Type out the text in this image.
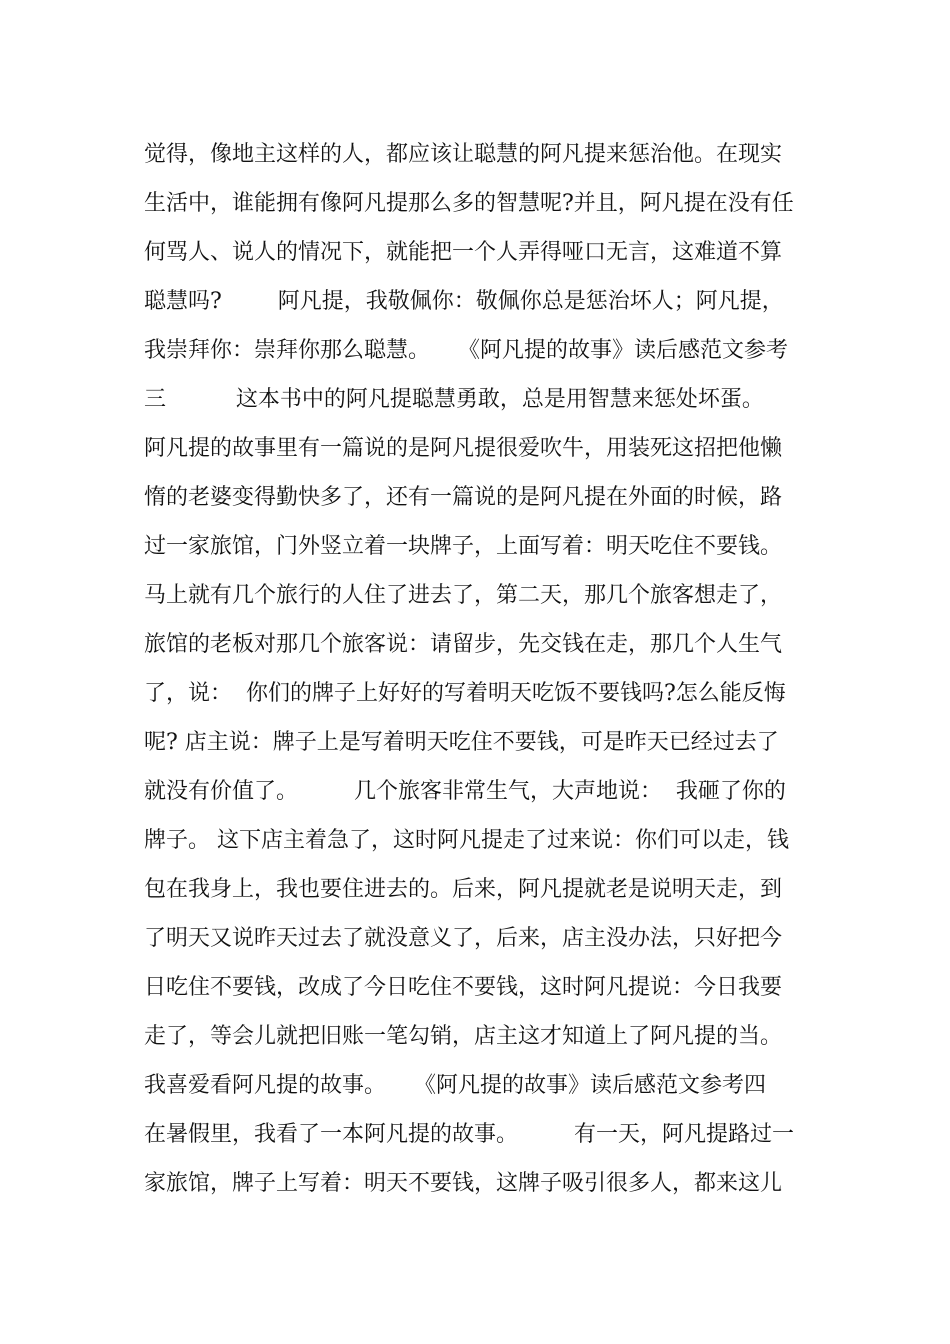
觉得，像地主这样的人，都应该让聪慧的阿凡提来惩治他。在现实
生活中，谁能拥有像阿凡提那么多的智慧呢?并且，阿凡提在没有任
何骂人、说人的情况下，就能把一个人弄得哑口无言，这难道不算
聪慧吗?        阿凡提，我敬佩你：敬佩你总是惩治坏人；阿凡提，
我崇拜你：崇拜你那么聪慧。    《阿凡提的故事》读后感范文参考
三          这本书中的阿凡提聪慧勇敢，总是用智慧来惩处坏蛋。
阿凡提的故事里有一篇说的是阿凡提很爱吹牛，用装死这招把他懒
惰的老婆变得勤快多了，还有一篇说的是阿凡提在外面的时候，路
过一家旅馆，门外竖立着一块牌子，上面写着：明天吃住不要钱。
马上就有几个旅行的人住了进去了，第二天，那几个旅客想走了，
旅馆的老板对那几个旅客说：请留步，先交钱在走，那几个人生气
了，说：  你们的牌子上好好的写着明天吃饭不要钱吗?怎么能反悔
呢? 店主说：牌子上是写着明天吃住不要钱，可是昨天已经过去了
就没有价值了。        几个旅客非常生气，大声地说：  我砸了你的
牌子。 这下店主着急了，这时阿凡提走了过来说：你们可以走，钱
包在我身上，我也要住进去的。后来，阿凡提就老是说明天走，到
了明天又说昨天过去了就没意义了，后来，店主没办法，只好把今
日吃住不要钱，改成了今日吃住不要钱，这时阿凡提说：今日我要
走了，等会儿就把旧账一笔勾销，店主这才知道上了阿凡提的当。
我喜爱看阿凡提的故事。    《阿凡提的故事》读后感范文参考四
在暑假里，我看了一本阿凡提的故事。        有一天，阿凡提路过一
家旅馆，牌子上写着：明天不要钱，这牌子吸引很多人，都来这儿
